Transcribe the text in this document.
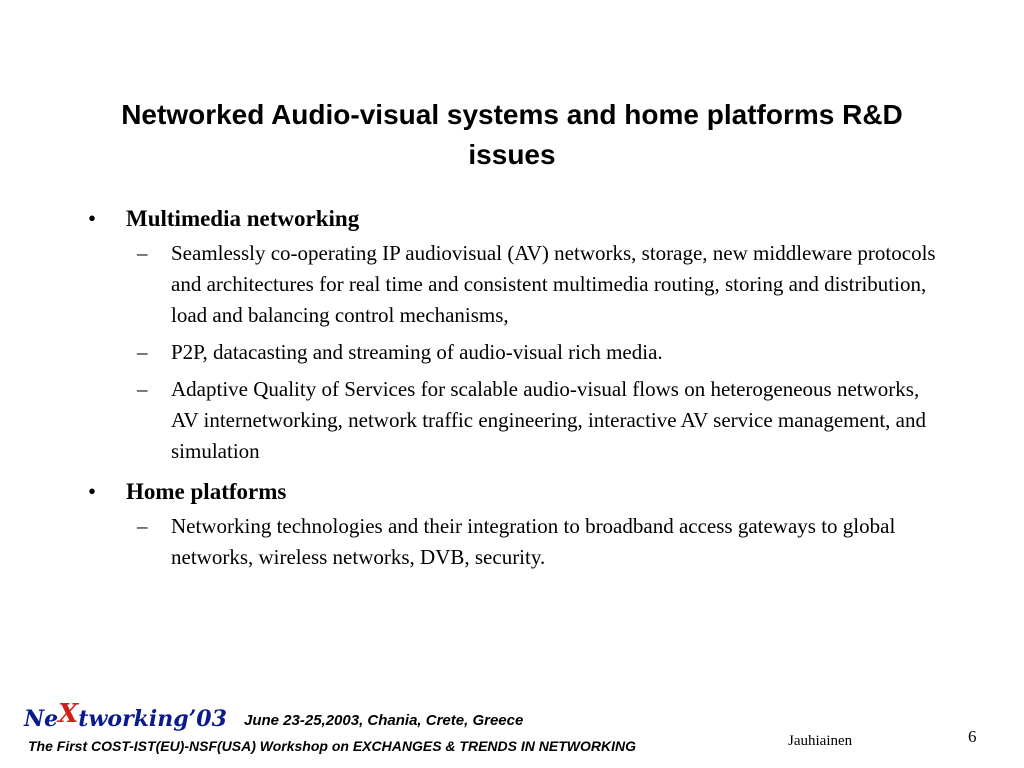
Networked Audio-visual systems and home platforms R&D issues
• Multimedia networking
– Seamlessly co-operating IP audiovisual (AV) networks, storage, new middleware protocols and architectures for real time and consistent multimedia routing, storing and distribution, load and balancing control mechanisms,
– P2P, datacasting and streaming of audio-visual rich media.
– Adaptive Quality of Services for scalable audio-visual flows on heterogeneous networks, AV internetworking, network traffic engineering, interactive AV service management, and simulation
• Home platforms
– Networking technologies and their integration to broadband access gateways to global networks, wireless networks, DVB, security.
NeXtworking’03 June 23-25,2003, Chania, Crete, Greece
The First COST-IST(EU)-NSF(USA) Workshop on EXCHANGES & TRENDS IN NETWORKING	Jauhiainen	6
